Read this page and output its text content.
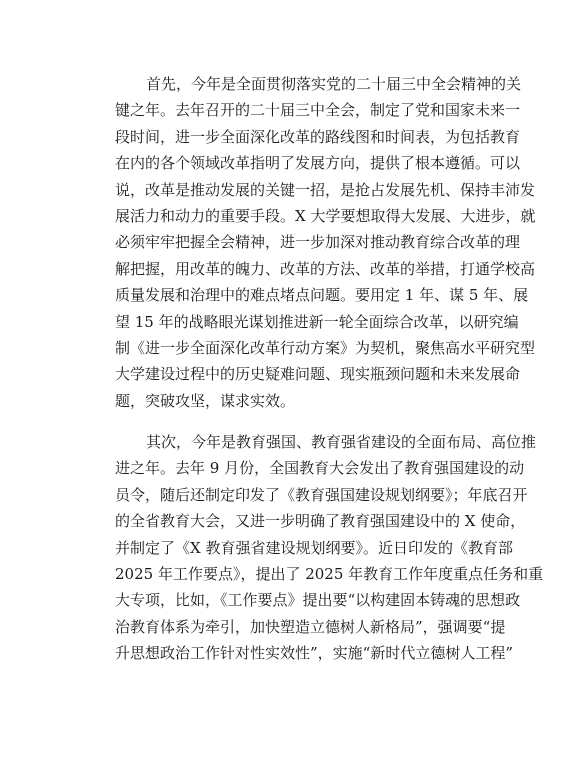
首先，今年是全面贯彻落实党的二十届三中全会精神的关
键之年。去年召开的二十届三中全会，制定了党和国家未来一
段时间，进一步全面深化改革的路线图和时间表，为包括教育
在内的各个领域改革指明了发展方向，提供了根本遵循。可以
说，改革是推动发展的关键一招，是抢占发展先机、保持丰沛发
展活力和动力的重要手段。X 大学要想取得大发展、大进步，就
必须牢牢把握全会精神，进一步加深对推动教育综合改革的理
解把握，用改革的魄力、改革的方法、改革的举措，打通学校高
质量发展和治理中的难点堵点问题。要用定 1 年、谋 5 年、展
望 15 年的战略眼光谋划推进新一轮全面综合改革，以研究编
制《进一步全面深化改革行动方案》为契机，聚焦高水平研究型
大学建设过程中的历史疑难问题、现实瓶颈问题和未来发展命
题，突破攻坚，谋求实效。
其次，今年是教育强国、教育强省建设的全面布局、高位推
进之年。去年 9 月份，全国教育大会发出了教育强国建设的动
员令，随后还制定印发了《教育强国建设规划纲要》；年底召开
的全省教育大会，又进一步明确了教育强国建设中的 X 使命，
并制定了《X 教育强省建设规划纲要》。近日印发的《教育部
2025 年工作要点》，提出了 2025 年教育工作年度重点任务和重
大专项，比如，《工作要点》提出要“以构建固本铸魂的思想政
治教育体系为牵引，加快塑造立德树人新格局”，强调要“提
升思想政治工作针对性实效性”，实施“新时代立德树人工程”
